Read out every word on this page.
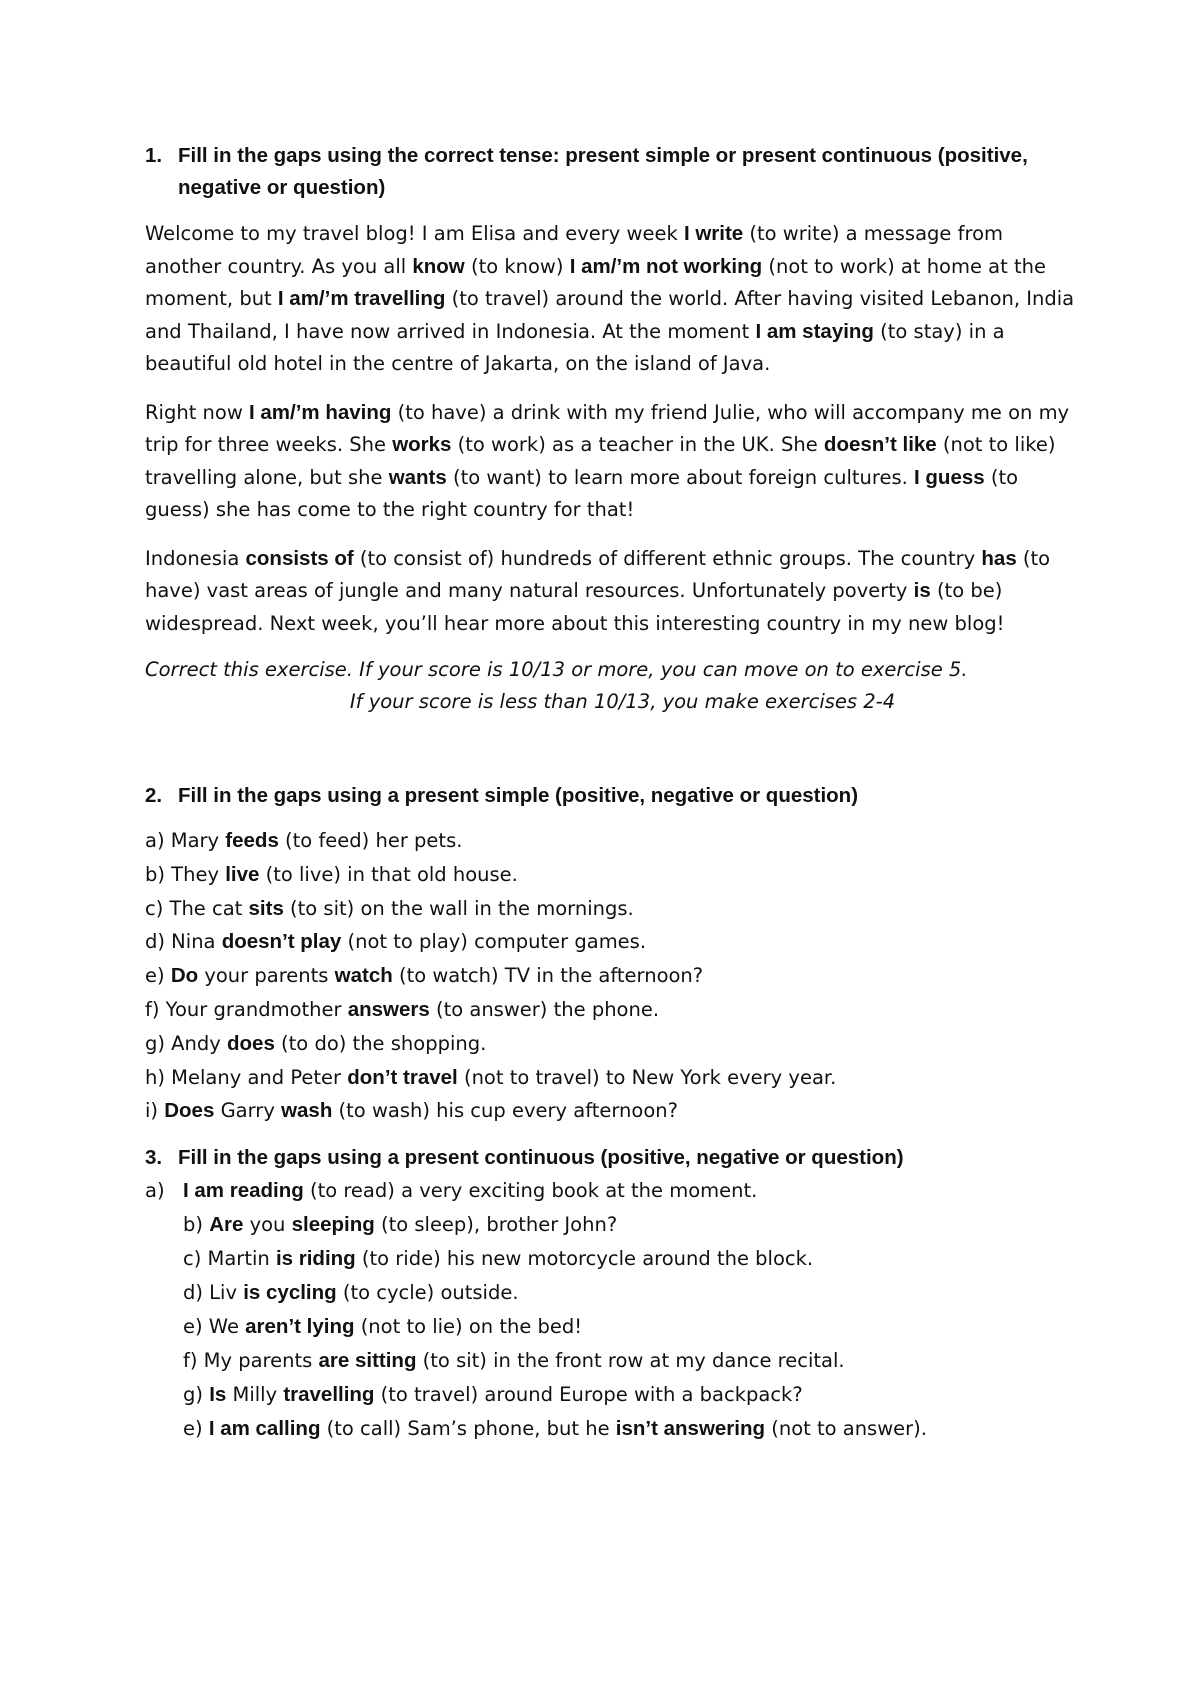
1. Fill in the gaps using the correct tense: present simple or present continuous (positive, negative or question)

Welcome to my travel blog! I am Elisa and every week I write (to write) a message from another country. As you all know (to know) I am/’m not working (not to work) at home at the moment, but I am/’m travelling (to travel) around the world. After having visited Lebanon, India and Thailand, I have now arrived in Indonesia. At the moment I am staying (to stay) in a beautiful old hotel in the centre of Jakarta, on the island of Java.

Right now I am/’m having (to have) a drink with my friend Julie, who will accompany me on my trip for three weeks. She works (to work) as a teacher in the UK. She doesn’t like (not to like) travelling alone, but she wants (to want) to learn more about foreign cultures. I guess (to guess) she has come to the right country for that!

Indonesia consists of (to consist of) hundreds of different ethnic groups. The country has (to have) vast areas of jungle and many natural resources. Unfortunately poverty is (to be) widespread. Next week, you’ll hear more about this interesting country in my new blog!

Correct this exercise. If your score is 10/13 or more, you can move on to exercise 5.

If your score is less than 10/13, you make exercises 2-4

2. Fill in the gaps using a present simple (positive, negative or question)

a) Mary feeds (to feed) her pets.

b) They live (to live) in that old house.

c) The cat sits (to sit) on the wall in the mornings.

d) Nina doesn’t play (not to play) computer games.

e) Do your parents watch (to watch) TV in the afternoon?

f) Your grandmother answers (to answer) the phone.

g) Andy does (to do) the shopping.

h) Melany and Peter don’t travel (not to travel) to New York every year.

i) Does Garry wash (to wash) his cup every afternoon?

3. Fill in the gaps using a present continuous (positive, negative or question)

a) I am reading (to read) a very exciting book at the moment.

b) Are you sleeping (to sleep), brother John?

c) Martin is riding (to ride) his new motorcycle around the block.

d) Liv is cycling (to cycle) outside.

e) We aren’t lying (not to lie) on the bed!

f) My parents are sitting (to sit) in the front row at my dance recital.

g) Is Milly travelling (to travel) around Europe with a backpack?

e) I am calling (to call) Sam’s phone, but he isn’t answering (not to answer).
